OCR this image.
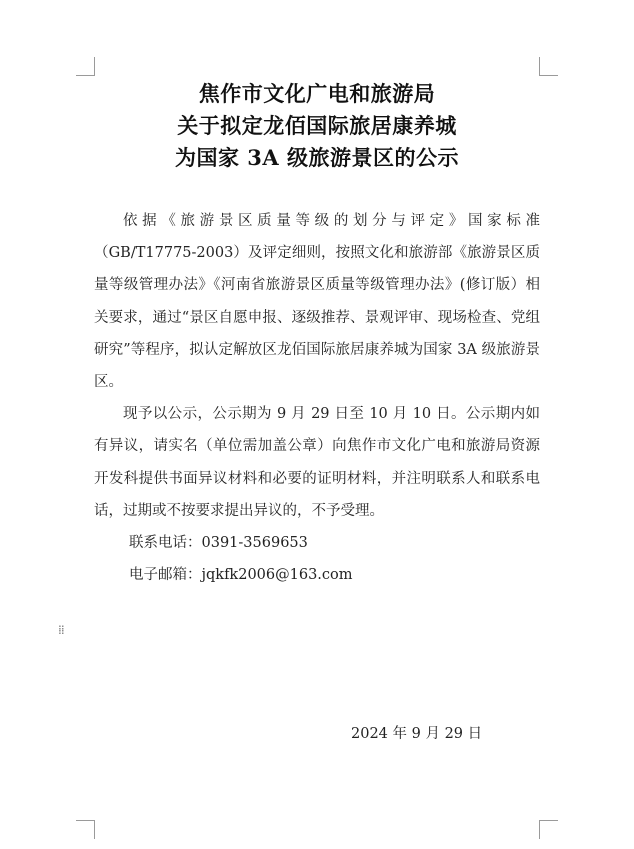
焦作市文化广电和旅游局
关于拟定龙佰国际旅居康养城
为国家 3A 级旅游景区的公示

依据《旅游景区质量等级的划分与评定》国家标准（GB/T17775-2003）及评定细则，按照文化和旅游部《旅游景区质量等级管理办法》《河南省旅游景区质量等级管理办法》(修订版）相关要求，通过“景区自愿申报、逐级推荐、景观评审、现场检查、党组研究”等程序，拟认定解放区龙佰国际旅居康养城为国家 3A 级旅游景区。

现予以公示，公示期为 9 月 29 日至 10 月 10 日。公示期内如有异议，请实名（单位需加盖公章）向焦作市文化广电和旅游局资源开发科提供书面异议材料和必要的证明材料，并注明联系人和联系电话，过期或不按要求提出异议的，不予受理。

联系电话：0391-3569653

电子邮箱：jqkfk2006@163.com

⁞⁞
2024 年 9 月 29 日
